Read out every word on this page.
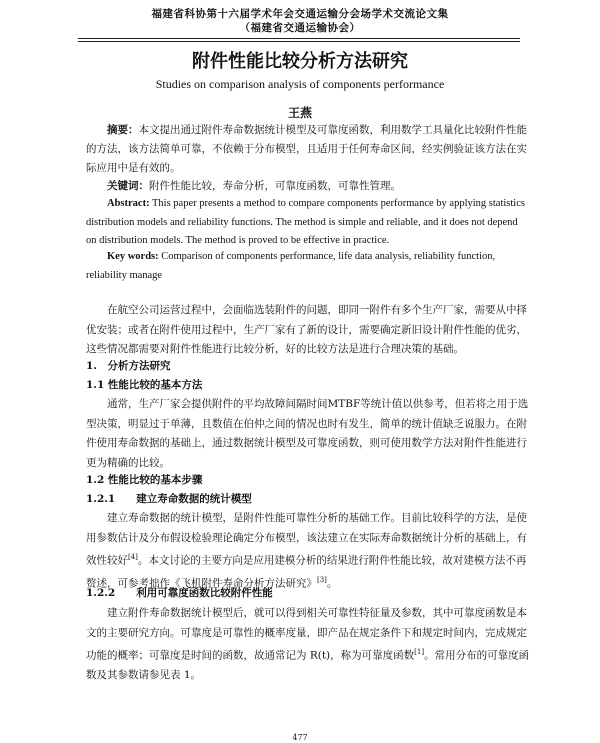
福建省科协第十六届学术年会交通运输分会场学术交流论文集
（福建省交通运输协会）
附件性能比较分析方法研究
Studies on comparison analysis of components performance
王燕
摘要：本文提出通过附件寿命数据统计模型及可靠度函数，利用数学工具量化比较附件性能的方法，该方法简单可靠，不依赖于分布模型，且适用于任何寿命区间，经实例验证该方法在实际应用中是有效的。
关键词：附件性能比较，寿命分析，可靠度函数，可靠性管理。
Abstract: This paper presents a method to compare components performance by applying statistics distribution models and reliability functions. The method is simple and reliable, and it does not depend on distribution models. The method is proved to be effective in practice.
Key words: Comparison of components performance, life data analysis, reliability function, reliability manage
在航空公司运营过程中，会面临选装附件的问题，即同一附件有多个生产厂家，需要从中择优安装；或者在附件使用过程中，生产厂家有了新的设计，需要确定新旧设计附件性能的优劣，这些情况都需要对附件性能进行比较分析，好的比较方法是进行合理决策的基础。
1.　分析方法研究
1.1 性能比较的基本方法
通常，生产厂家会提供附件的平均故障间隔时间MTBF等统计值以供参考，但若将之用于选型决策，明显过于单薄，且数值在伯仲之间的情况也时有发生，简单的统计值缺乏说服力。在附件使用寿命数据的基础上，通过数据统计模型及可靠度函数，则可使用数学方法对附件性能进行更为精确的比较。
1.2 性能比较的基本步骤
1.2.1　　建立寿命数据的统计模型
建立寿命数据的统计模型，是附件性能可靠性分析的基础工作。目前比较科学的方法，是使用参数估计及分布假设检验理论确定分布模型，该法建立在实际寿命数据统计分析的基础上，有效性较好[4]。本文讨论的主要方向是应用建模分析的结果进行附件性能比较，故对建模方法不再赘述，可参考拙作《飞机附件寿命分析方法研究》[3]。
1.2.2　　利用可靠度函数比较附件性能
建立附件寿命数据统计模型后，就可以得到相关可靠性特征量及参数，其中可靠度函数是本文的主要研究方向。可靠度是可靠性的概率度量，即产品在规定条件下和规定时间内，完成规定功能的概率；可靠度是时间的函数，故通常记为 R(t)，称为可靠度函数[1]。常用分布的可靠度函数及其参数请参见表 1。
477
